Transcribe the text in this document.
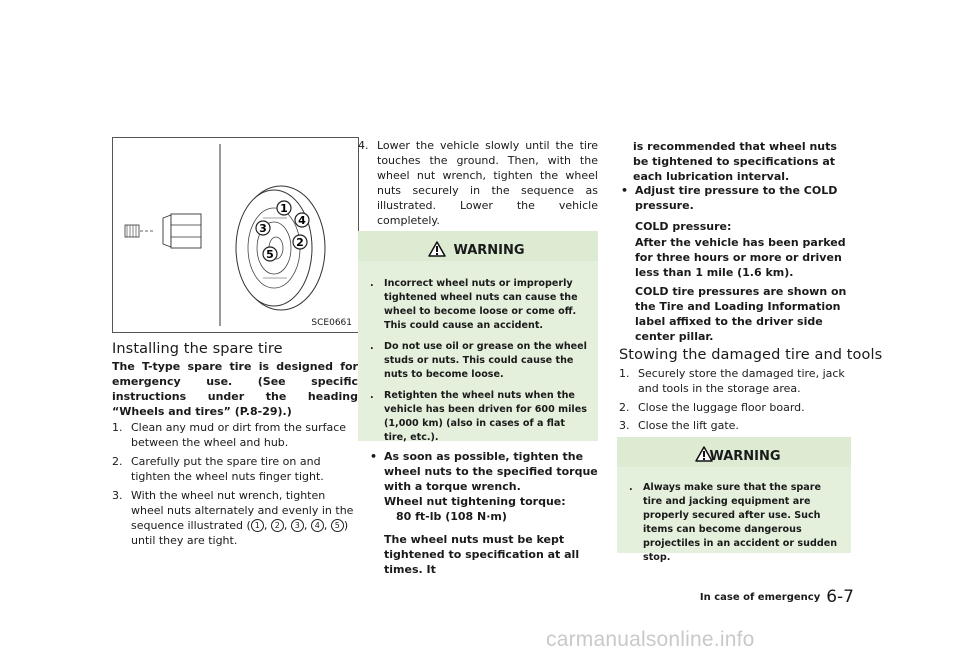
1
4
3
2
5
SCE0661
Installing the spare tire
The T-type spare tire is designed for emergency use. (See specific instructions under the heading “Wheels and tires” (P.8-29).)
1. Clean any mud or dirt from the surface between the wheel and hub.
2. Carefully put the spare tire on and tighten the wheel nuts finger tight.
3. With the wheel nut wrench, tighten wheel nuts alternately and evenly in the sequence illustrated ( 1 , 2 , 3 , 4 , 5 ) until they are tight.
4. Lower the vehicle slowly until the tire touches the ground. Then, with the wheel nut wrench, tighten the wheel nuts securely in the sequence as illustrated. Lower the vehicle completely.
WARNING
. Incorrect wheel nuts or improperly tightened wheel nuts can cause the wheel to become loose or come off. This could cause an accident.
. Do not use oil or grease on the wheel studs or nuts. This could cause the nuts to become loose.
. Retighten the wheel nuts when the vehicle has been driven for 600 miles (1,000 km) (also in cases of a flat tire, etc.).
• As soon as possible, tighten the wheel nuts to the specified torque with a torque wrench.
Wheel nut tightening torque:
80 ft-lb (108 N·m)
The wheel nuts must be kept tightened to specification at all times. It
is recommended that wheel nuts be tightened to specifications at each lubrication interval.
• Adjust tire pressure to the COLD pressure.
COLD pressure:
After the vehicle has been parked for three hours or more or driven less than 1 mile (1.6 km).
COLD tire pressures are shown on the Tire and Loading Information label affixed to the driver side center pillar.
Stowing the damaged tire and tools
1. Securely store the damaged tire, jack and tools in the storage area.
2. Close the luggage floor board.
3. Close the lift gate.
WARNING
. Always make sure that the spare tire and jacking equipment are properly secured after use. Such items can become dangerous projectiles in an accident or sudden stop.
In case of emergency 6-7
carmanualsonline.info
